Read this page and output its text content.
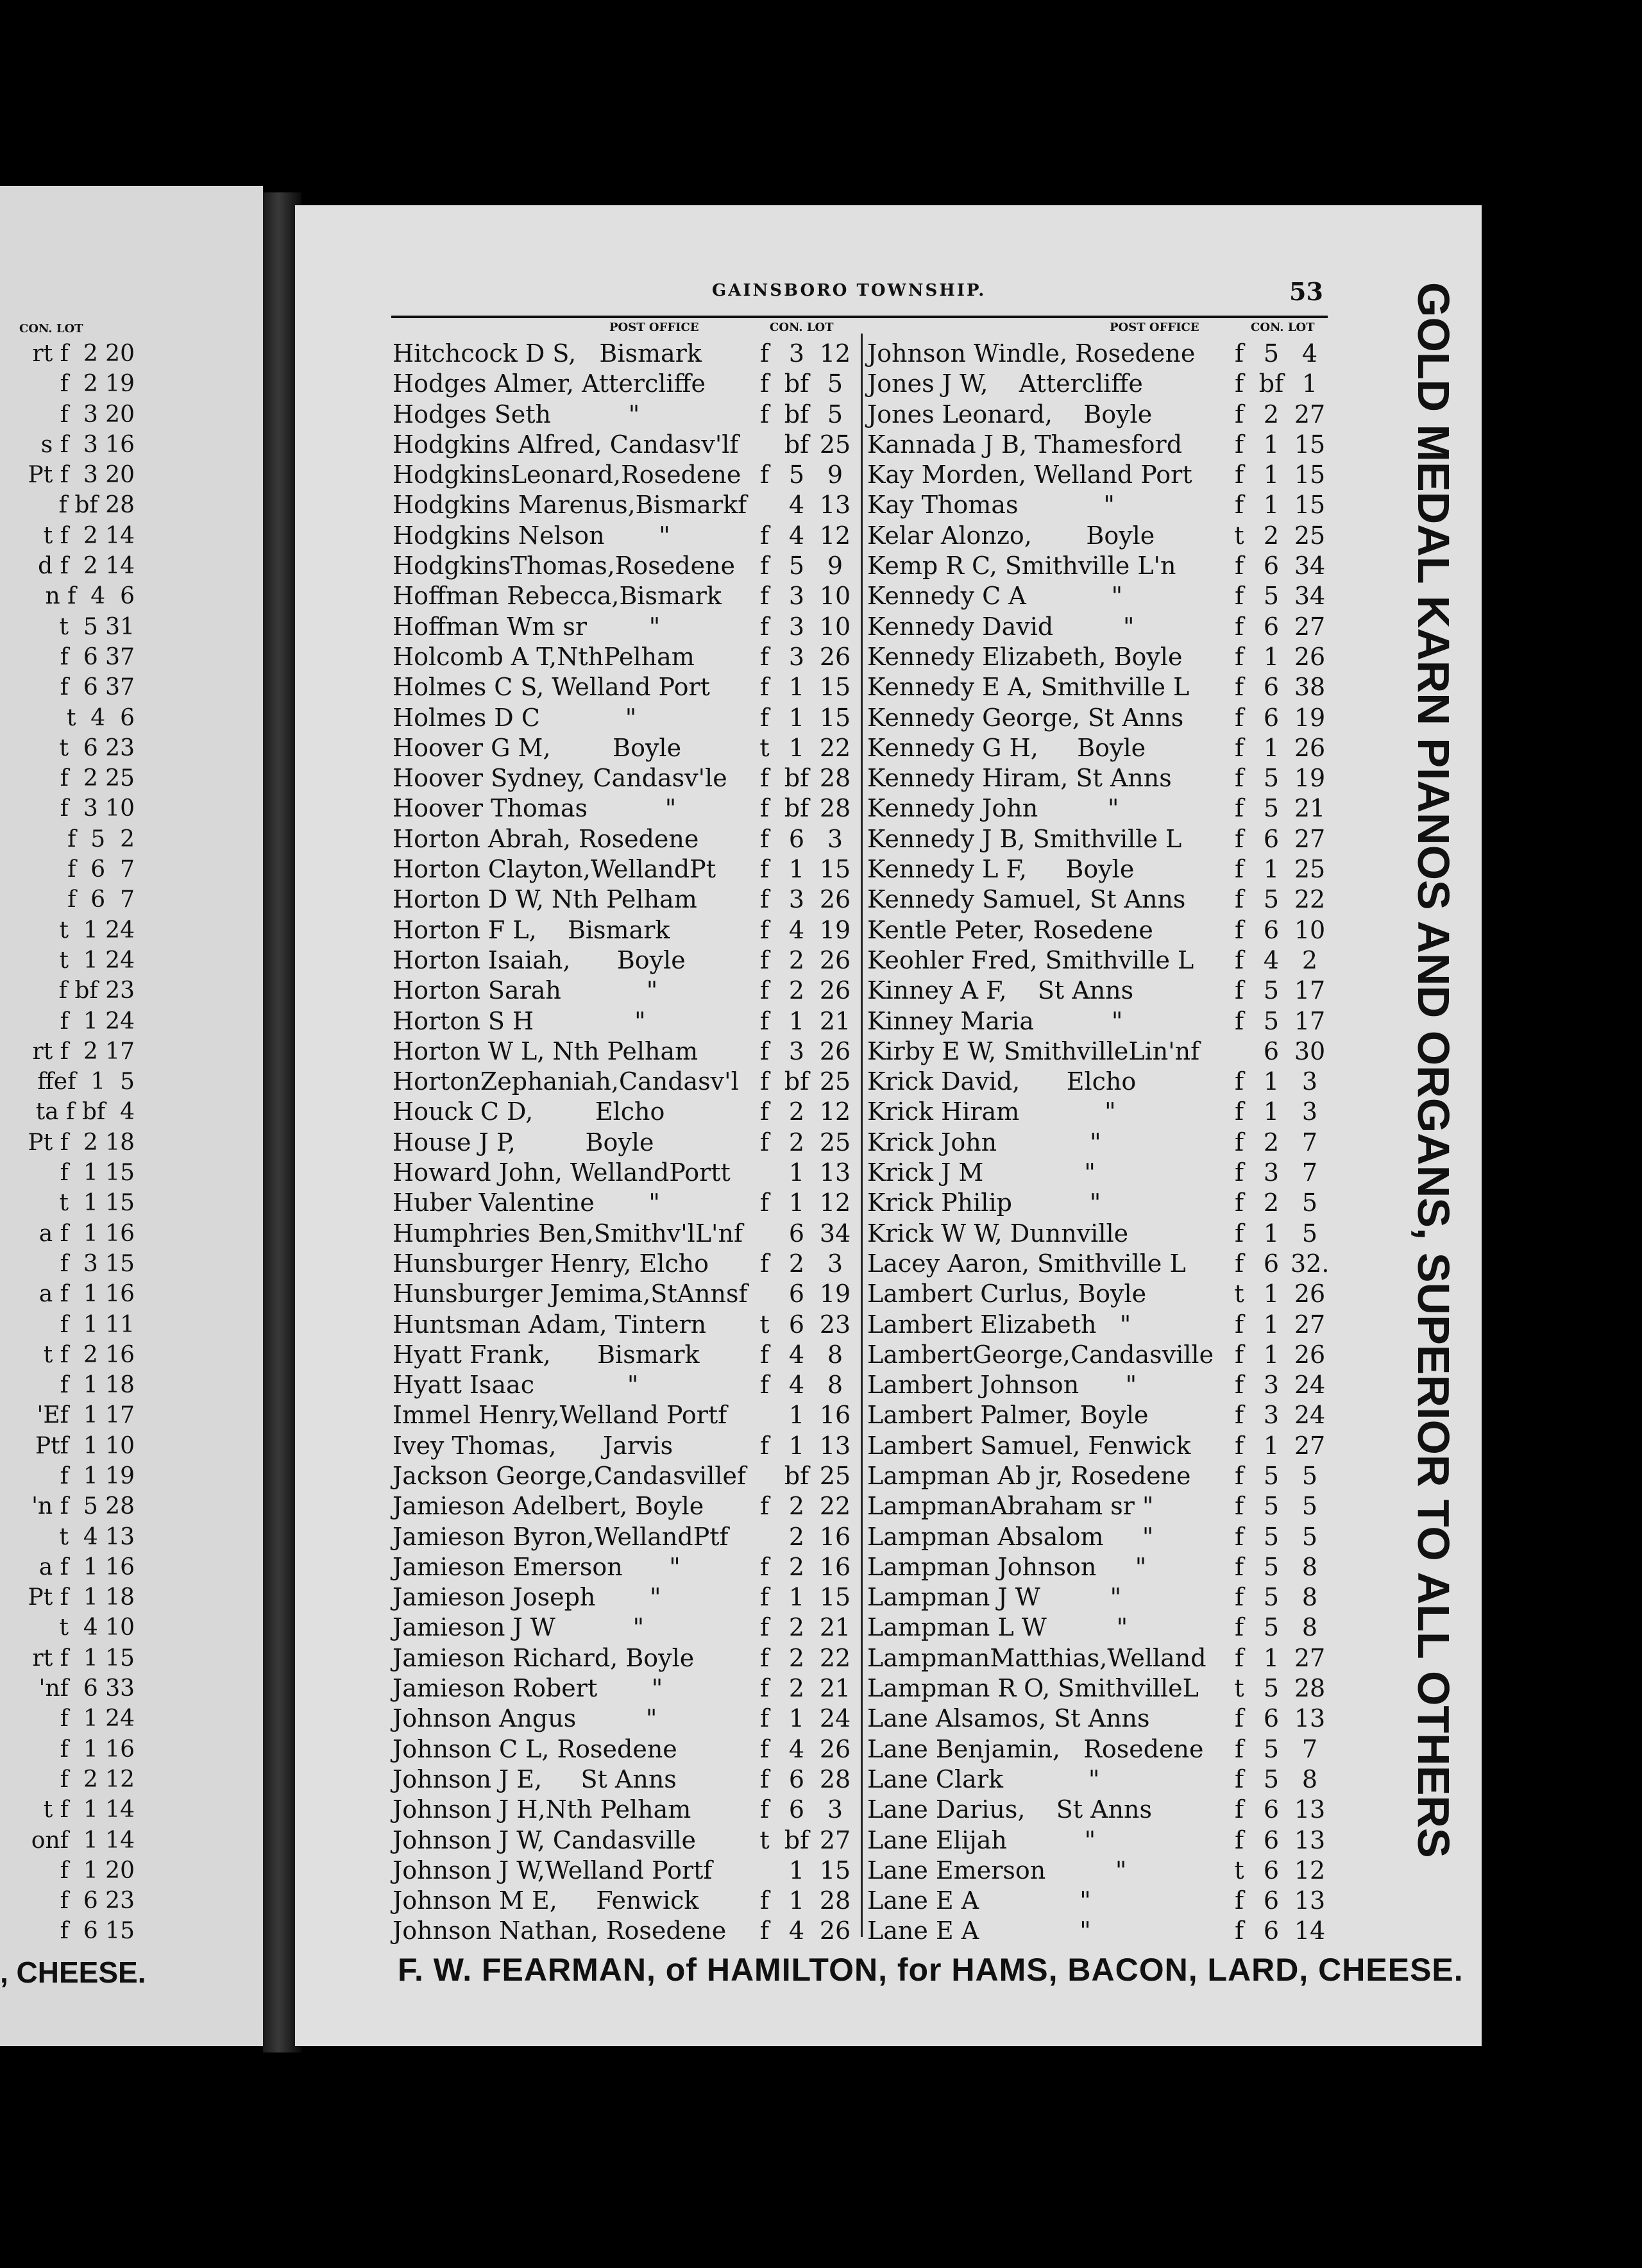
CON. LOT
rt f  2 20
f  2 19
f  3 20
s f  3 16
Pt f  3 20
f bf 28
t f  2 14
d f  2 14
n f  4  6
t  5 31
f  6 37
f  6 37
t  4  6
t  6 23
f  2 25
f  3 10
f  5  2
f  6  7
f  6  7
t  1 24
t  1 24
f bf 23
f  1 24
rt f  2 17
ffef  1  5
ta f bf  4
Pt f  2 18
f  1 15
t  1 15
a f  1 16
f  3 15
a f  1 16
f  1 11
t f  2 16
f  1 18
'Ef  1 17
Ptf  1 10
f  1 19
'n f  5 28
t  4 13
a f  1 16
Pt f  1 18
t  4 10
rt f  1 15
'nf  6 33
f  1 24
f  1 16
f  2 12
t f  1 14
onf  1 14
f  1 20
f  6 23
f  6 15
, CHEESE.
GAINSBORO TOWNSHIP.	53
POST OFFICE	CON. LOT	POST OFFICE	CON. LOT
Hitchcock D S,   Bismark	f 3 12
Hodges Almer, Attercliffe	f bf 5
Hodges Seth          "	f bf 5
Hodgkins Alfred, Candasv'lf	bf 25
HodgkinsLeonard,Rosedene f 5 9
Hodgkins Marenus,Bismarkf	4 13
Hodgkins Nelson       "	f 4 12
HodgkinsThomas,Rosedene	f 5 9
Hoffman Rebecca,Bismark	f 3 10
Hoffman Wm sr        "	f 3 10
Holcomb A T,NthPelham	f 3 26
Holmes C S, Welland Port	f 1 15
Holmes D C           "	f 1 15
Hoover G M,        Boyle	t 1 22
Hoover Sydney, Candasv'le	f bf 28
Hoover Thomas          "	f bf 28
Horton Abrah, Rosedene	f 6 3
Horton Clayton,WellandPt	f 1 15
Horton D W, Nth Pelham	f 3 26
Horton F L,    Bismark	f 4 19
Horton Isaiah,      Boyle	f 2 26
Horton Sarah           "	f 2 26
Horton S H             "	f 1 21
Horton W L, Nth Pelham	f 3 26
HortonZephaniah,Candasv'l f bf 25
Houck C D,        Elcho	f 2 12
House J P,         Boyle	f 2 25
Howard John, WellandPortt	1 13
Huber Valentine       "	f 1 12
Humphries Ben,Smithv'lL'nf	6 34
Hunsburger Henry, Elcho	f 2 3
Hunsburger Jemima,StAnnsf	6 19
Huntsman Adam, Tintern	t 6 23
Hyatt Frank,      Bismark	f 4 8
Hyatt Isaac            "	f 4 8
Immel Henry,Welland Portf	1 16
Ivey Thomas,      Jarvis	f 1 13
Jackson George,Candasvillef bf 25
Jamieson Adelbert, Boyle	f 2 22
Jamieson Byron,WellandPtf	2 16
Jamieson Emerson      "	f 2 16
Jamieson Joseph       "	f 1 15
Jamieson J W          "	f 2 21
Jamieson Richard, Boyle	f 2 22
Jamieson Robert       "	f 2 21
Johnson Angus         "	f 1 24
Johnson C L, Rosedene	f 4 26
Johnson J E,     St Anns	f 6 28
Johnson J H,Nth Pelham	f 6 3
Johnson J W, Candasville	t bf 27
Johnson J W,Welland Portf	1 15
Johnson M E,     Fenwick	f 1 28
Johnson Nathan, Rosedene	f 4 26
Johnson Windle, Rosedene	f 5 4
Jones J W,    Attercliffe	f bf 1
Jones Leonard,    Boyle	f 2 27
Kannada J B, Thamesford	f 1 15
Kay Morden, Welland Port	f 1 15
Kay Thomas           "	f 1 15
Kelar Alonzo,       Boyle	t 2 25
Kemp R C, Smithville L'n	f 6 34
Kennedy C A           "	f 5 34
Kennedy David         "	f 6 27
Kennedy Elizabeth, Boyle	f 1 26
Kennedy E A, Smithville L	f 6 38
Kennedy George, St Anns	f 6 19
Kennedy G H,     Boyle	f 1 26
Kennedy Hiram, St Anns	f 5 19
Kennedy John         "	f 5 21
Kennedy J B, Smithville L	f 6 27
Kennedy L F,     Boyle	f 1 25
Kennedy Samuel, St Anns	f 5 22
Kentle Peter, Rosedene	f 6 10
Keohler Fred, Smithville L	f 4 2
Kinney A F,    St Anns	f 5 17
Kinney Maria          "	f 5 17
Kirby E W, SmithvilleLin'nf	6 30
Krick David,      Elcho	f 1 3
Krick Hiram           "	f 1 3
Krick John            "	f 2 7
Krick J M             "	f 3 7
Krick Philip          "	f 2 5
Krick W W, Dunnville	f 1 5
Lacey Aaron, Smithville L	f 6 32.
Lambert Curlus, Boyle	t 1 26
Lambert Elizabeth   "	f 1 27
LambertGeorge,Candasville f 1 26
Lambert Johnson      "	f 3 24
Lambert Palmer, Boyle	f 3 24
Lambert Samuel, Fenwick	f 1 27
Lampman Ab jr, Rosedene	f 5 5
LampmanAbraham sr "	f 5 5
Lampman Absalom     "	f 5 5
Lampman Johnson     "	f 5 8
Lampman J W         "	f 5 8
Lampman L W         "	f 5 8
LampmanMatthias,Welland	f 1 27
Lampman R O, SmithvilleL	t 5 28
Lane Alsamos, St Anns	f 6 13
Lane Benjamin,   Rosedene	f 5 7
Lane Clark           "	f 5 8
Lane Darius,    St Anns	f 6 13
Lane Elijah          "	f 6 13
Lane Emerson         "	t 6 12
Lane E A             "	f 6 13
Lane E A             "	f 6 14
F. W. FEARMAN, of HAMILTON, for HAMS, BACON, LARD, CHEESE.
GOLD MEDAL KARN PIANOS AND ORGANS, SUPERIOR TO ALL OTHERS
